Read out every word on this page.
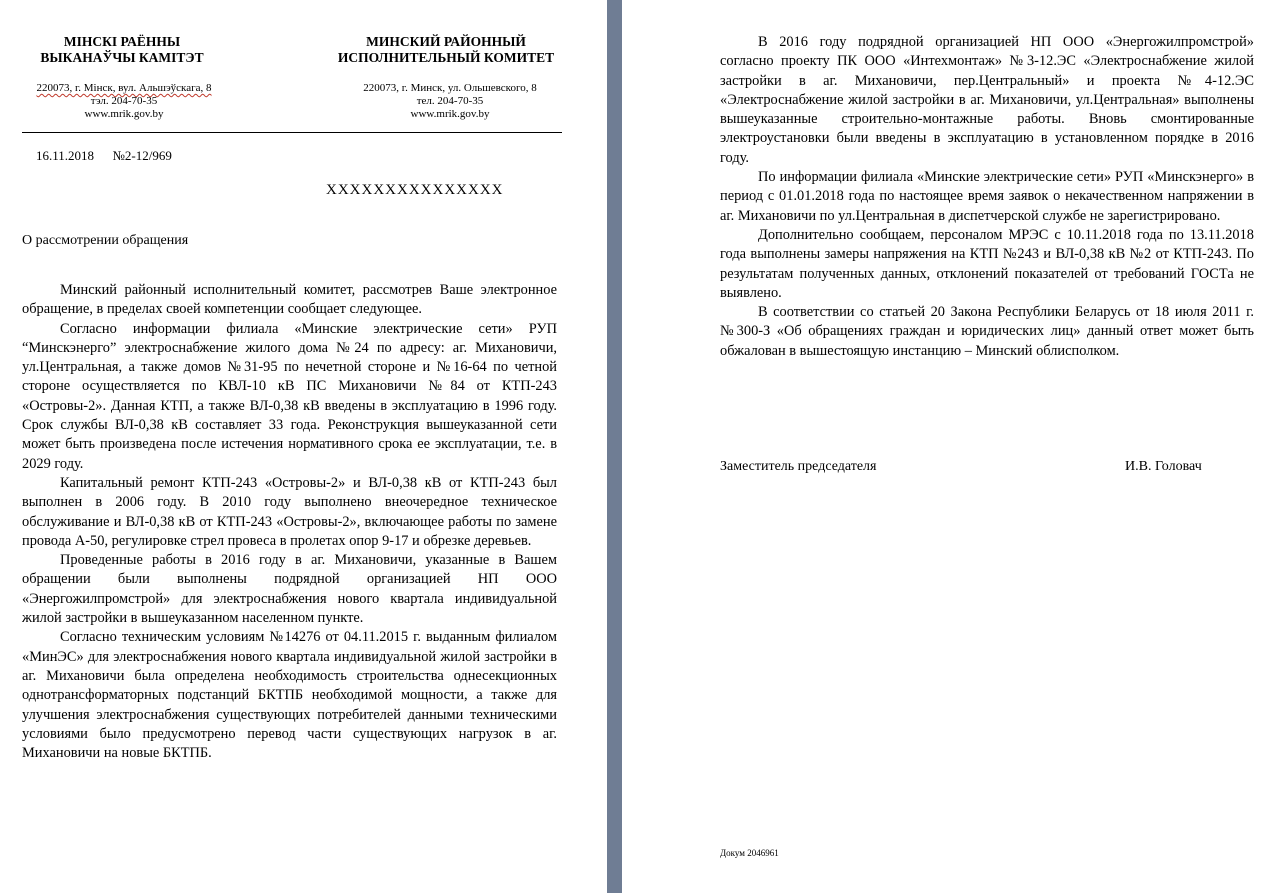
МІНСКІ РАЁННЫ
ВЫКАНАЎЧЫ КАМІТЭТ
220073, г. Мінск, вул. Альшэўскага, 8
тэл. 204-70-35
www.mrik.gov.by
МИНСКИЙ РАЙОННЫЙ
ИСПОЛНИТЕЛЬНЫЙ КОМИТЕТ
220073, г. Минск, ул. Ольшевского, 8
тел. 204-70-35
www.mrik.gov.by
16.11.2018 №2-12/969
XXXXXXXXXXXXXXX
О рассмотрении обращения

Минский районный исполнительный комитет, рассмотрев Ваше электронное обращение, в пределах своей компетенции сообщает следующее.

Согласно информации филиала «Минские электрические сети» РУП “Минскэнерго” электроснабжение жилого дома №24 по адресу: аг. Михановичи, ул.Центральная, а также домов №31-95 по нечетной стороне и №16-64 по четной стороне осуществляется по КВЛ-10 кВ ПС Михановичи №84 от КТП-243 «Островы-2». Данная КТП, а также ВЛ-0,38 кВ введены в эксплуатацию в 1996 году. Срок службы ВЛ-0,38 кВ составляет 33 года. Реконструкция вышеуказанной сети может быть произведена после истечения нормативного срока ее эксплуатации, т.е. в 2029 году.

Капитальный ремонт КТП-243 «Островы-2» и ВЛ-0,38 кВ от КТП-243 был выполнен в 2006 году. В 2010 году выполнено внеочередное техническое обслуживание и ВЛ-0,38 кВ от КТП-243 «Островы-2», включающее работы по замене провода А-50, регулировке стрел провеса в пролетах опор 9-17 и обрезке деревьев.

Проведенные работы в 2016 году в аг. Михановичи, указанные в Вашем обращении были выполнены подрядной организацией НП ООО «Энергожилпромстрой» для электроснабжения нового квартала индивидуальной жилой застройки в вышеуказанном населенном пункте.

Согласно техническим условиям №14276 от 04.11.2015 г. выданным филиалом «МинЭС» для электроснабжения нового квартала индивидуальной жилой застройки в аг. Михановичи была определена необходимость строительства однесекционных однотрансформаторных подстанций БКТПБ необходимой мощности, а также для улучшения электроснабжения существующих потребителей данными техническими условиями было предусмотрено перевод части существующих нагрузок в аг. Михановичи на новые БКТПБ.

В 2016 году подрядной организацией НП ООО «Энергожилпромстрой» согласно проекту ПК ООО «Интехмонтаж» №3-12.ЭС «Электроснабжение жилой застройки в аг. Михановичи, пер.Центральный» и проекта №4-12.ЭС «Электроснабжение жилой застройки в аг. Михановичи, ул.Центральная» выполнены вышеуказанные строительно-монтажные работы. Вновь смонтированные электроустановки были введены в эксплуатацию в установленном порядке в 2016 году.

По информации филиала «Минские электрические сети» РУП «Минскэнерго» в период с 01.01.2018 года по настоящее время заявок о некачественном напряжении в аг. Михановичи по ул.Центральная в диспетчерской службе не зарегистрировано.

Дополнительно сообщаем, персоналом МРЭС с 10.11.2018 года по 13.11.2018 года выполнены замеры напряжения на КТП №243 и ВЛ-0,38 кВ №2 от КТП-243. По результатам полученных данных, отклонений показателей от требований ГОСТа не выявлено.

В соответствии со статьей 20 Закона Республики Беларусь от 18 июля 2011 г. №300-З «Об обращениях граждан и юридических лиц» данный ответ может быть обжалован в вышестоящую инстанцию – Минский облисполком.

Заместитель председателя	И.В. Головач
Докум 2046961
